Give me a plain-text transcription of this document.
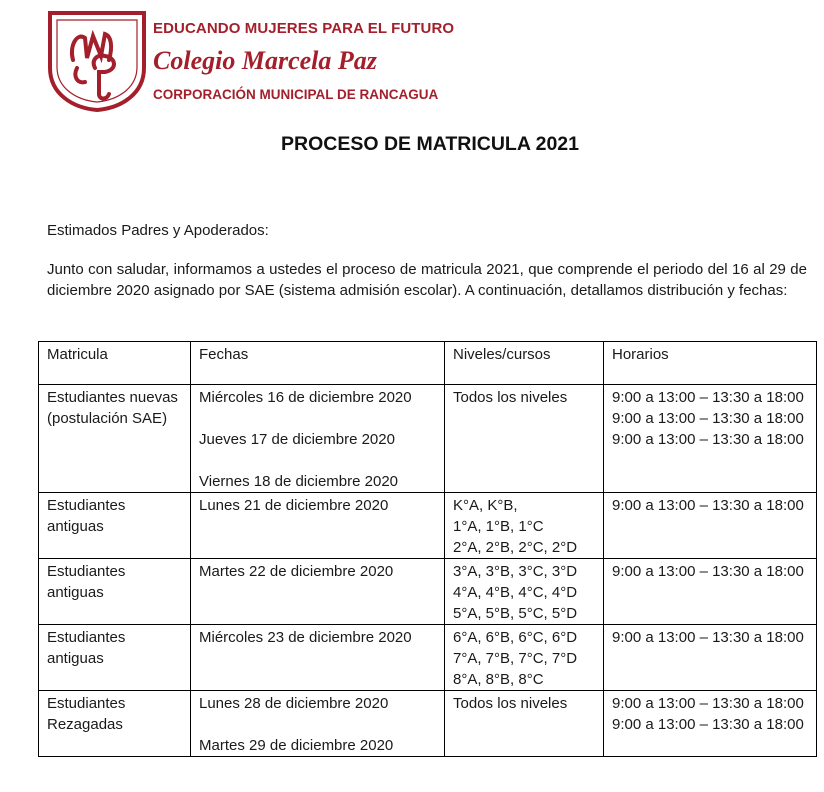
EDUCANDO MUJERES PARA EL FUTURO
Colegio Marcela Paz
CORPORACIÓN MUNICIPAL DE RANCAGUA
PROCESO DE MATRICULA 2021
Estimados Padres y Apoderados:
Junto con saludar, informamos a ustedes el proceso de matricula 2021, que comprende el periodo del 16 al 29 de diciembre 2020 asignado por SAE (sistema admisión escolar). A continuación, detallamos distribución y fechas:
Matricula	Fechas	Niveles/cursos	Horarios
Estudiantes nuevas (postulación SAE)	Miércoles 16 de diciembre 2020
Jueves 17 de diciembre 2020
Viernes 18 de diciembre 2020	Todos los niveles	9:00 a 13:00 – 13:30 a 18:00
9:00 a 13:00 – 13:30 a 18:00
9:00 a 13:00 – 13:30 a 18:00

Estudiantes antiguas	Lunes 21 de diciembre 2020	K°A, K°B,
1°A, 1°B, 1°C
2°A, 2°B, 2°C, 2°D	9:00 a 13:00 – 13:30 a 18:00

Estudiantes antiguas	Martes 22 de diciembre 2020	3°A, 3°B, 3°C, 3°D
4°A, 4°B, 4°C, 4°D
5°A, 5°B, 5°C, 5°D	9:00 a 13:00 – 13:30 a 18:00

Estudiantes antiguas	Miércoles 23 de diciembre 2020	6°A, 6°B, 6°C, 6°D
7°A, 7°B, 7°C, 7°D
8°A, 8°B, 8°C	9:00 a 13:00 – 13:30 a 18:00

Estudiantes Rezagadas	Lunes 28 de diciembre 2020
Martes 29 de diciembre 2020	Todos los niveles	9:00 a 13:00 – 13:30 a 18:00
9:00 a 13:00 – 13:30 a 18:00
